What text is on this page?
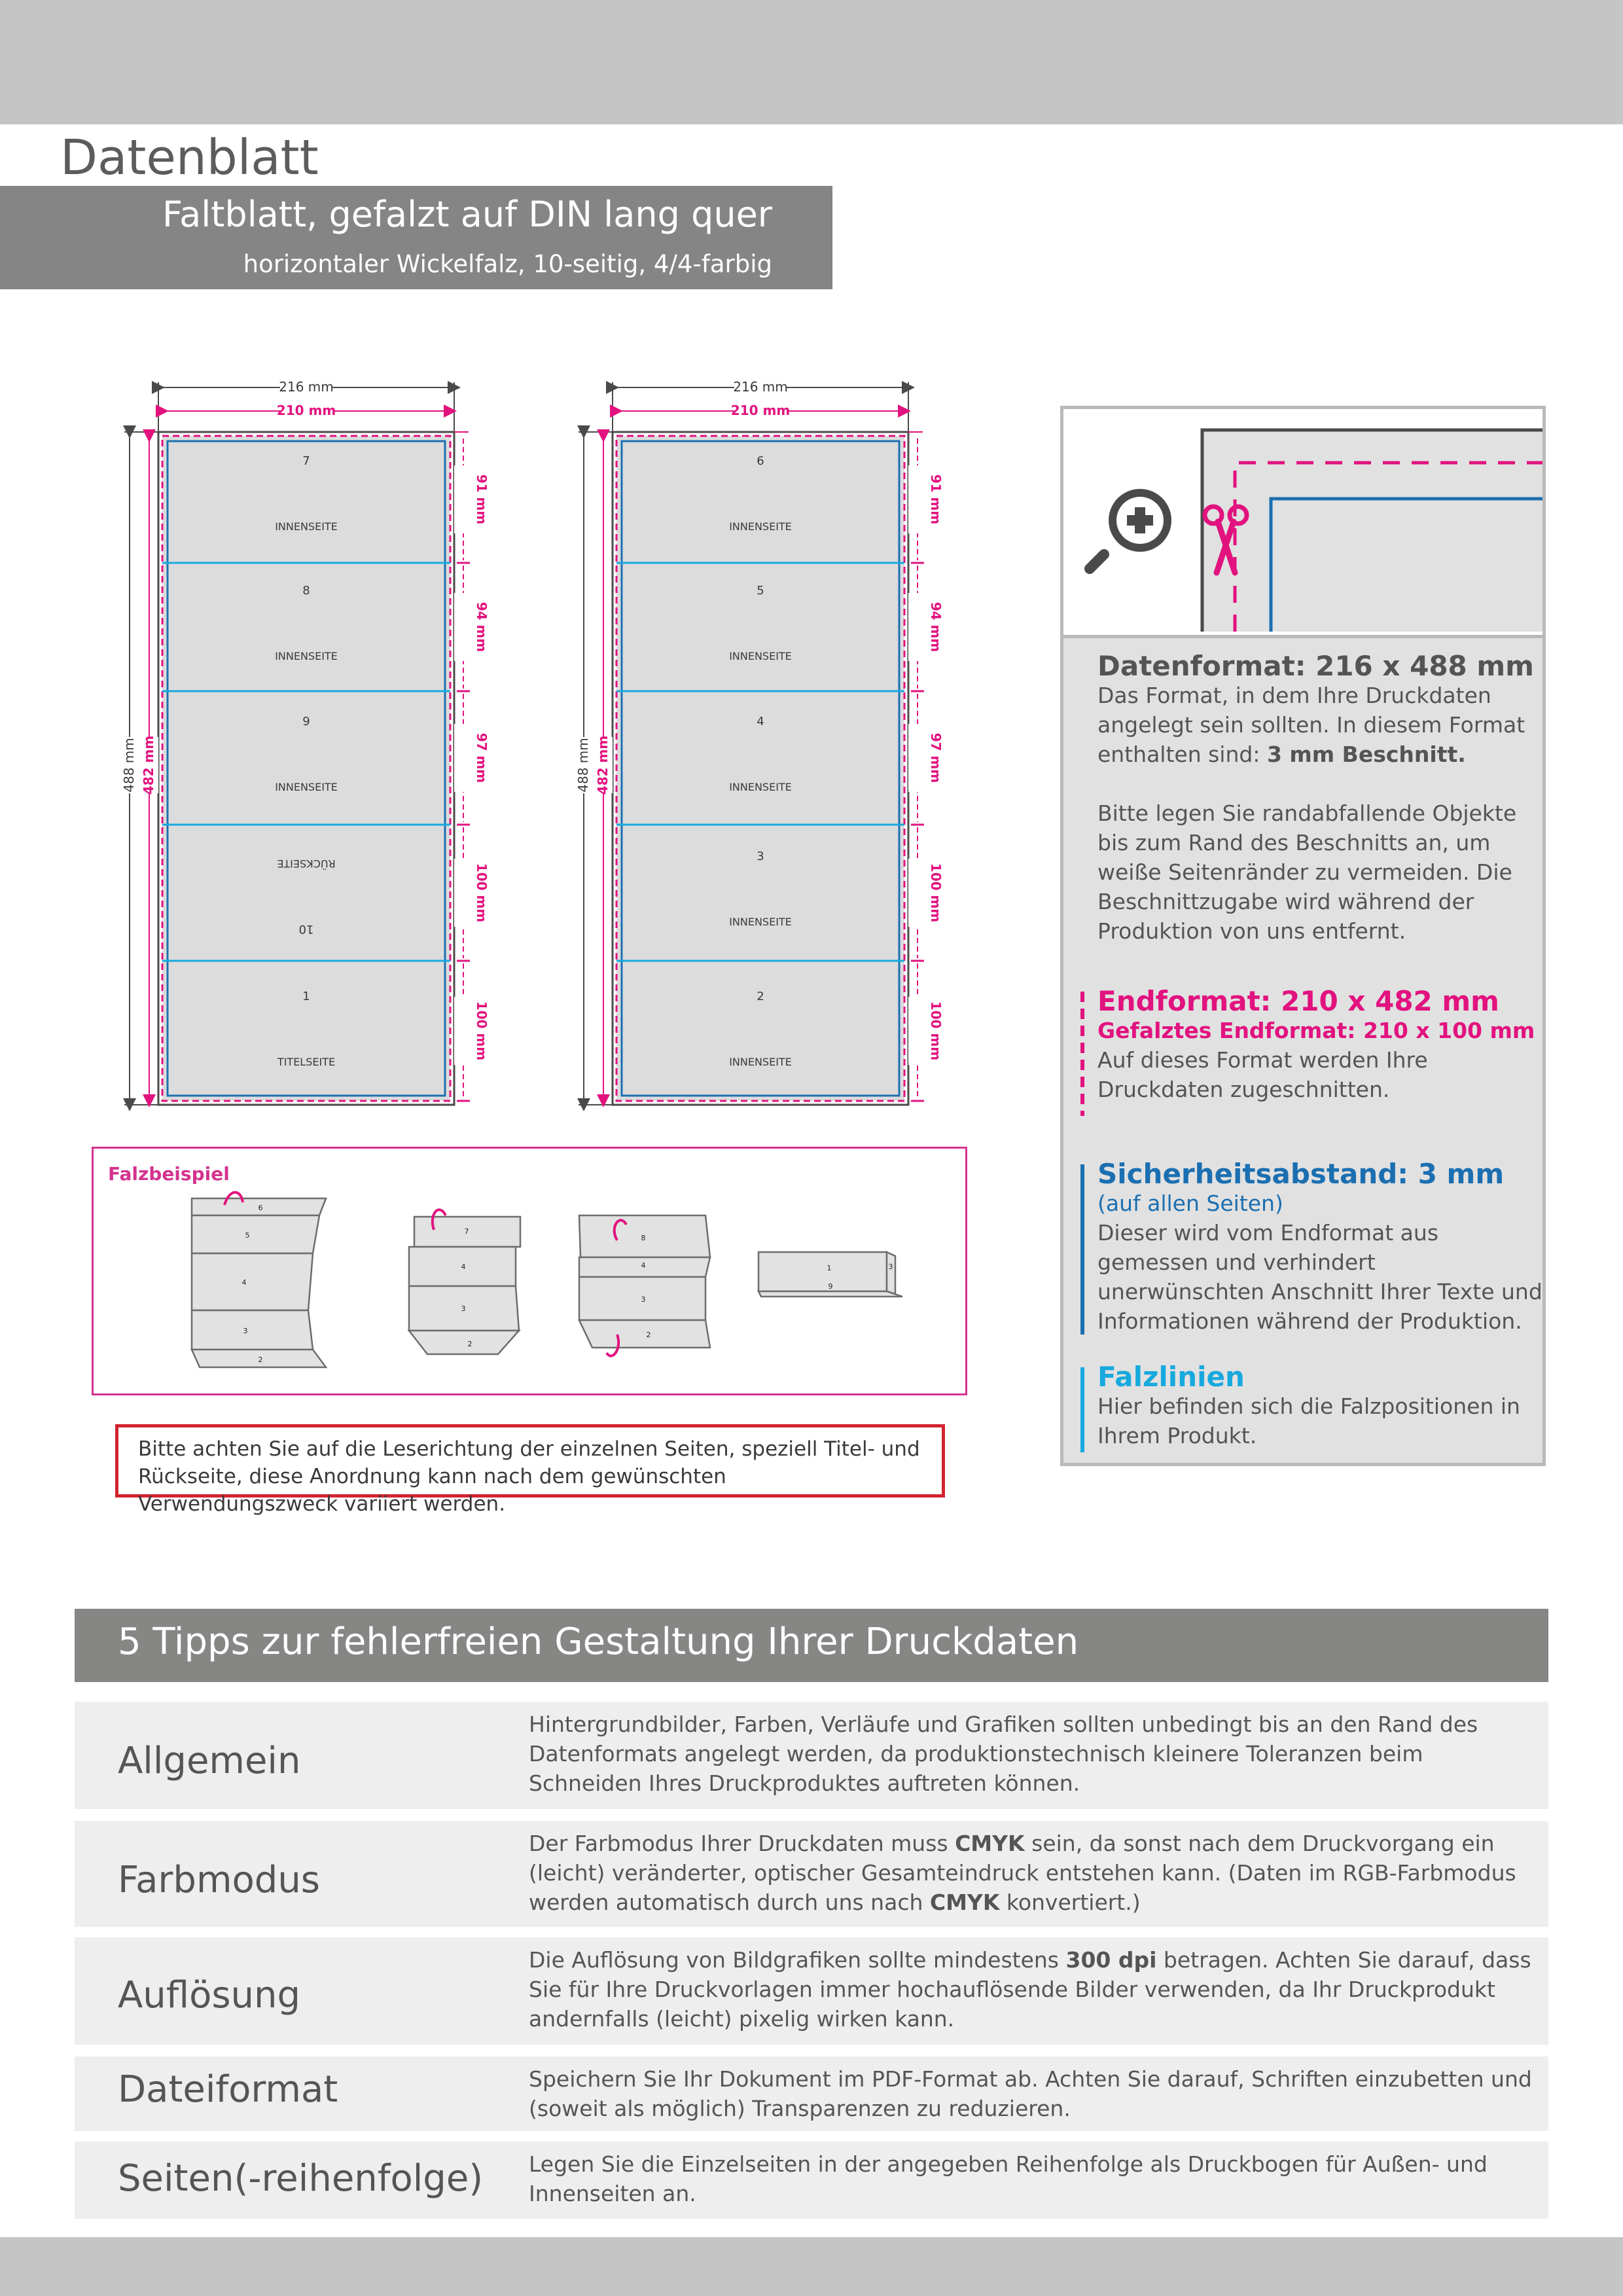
Datenblatt
Faltblatt, gefalzt auf DIN lang quer
horizontaler Wickelfalz, 10-seitig, 4/4-farbig
7
INNENSEITE
8
INNENSEITE
9
INNENSEITE
10
RÜCKSEITE
1
TITELSEITE
216 mm
210 mm
488 mm 482 mm
91 mm
94 mm
97 mm
100 mm
100 mm
6
INNENSEITE
5
INNENSEITE
4
INNENSEITE
3
INNENSEITE
2
INNENSEITE
216 mm
210 mm
488 mm 482 mm
91 mm
94 mm
97 mm
100 mm
100 mm
Datenformat: 216 x 488 mm
Das Format, in dem Ihre Druckdaten angelegt sein sollten. In diesem Format enthalten sind: 3 mm Beschnitt.
Bitte legen Sie randabfallende Objekte bis zum Rand des Beschnitts an, um weiße Seitenränder zu vermeiden. Die Beschnittzugabe wird während der Produktion von uns entfernt.
Endformat: 210 x 482 mm
Gefalztes Endformat: 210 x 100 mm
Auf dieses Format werden Ihre Druckdaten zugeschnitten.
Sicherheitsabstand: 3 mm
(auf allen Seiten)
Dieser wird vom Endformat aus gemessen und verhindert unerwünschten Anschnitt Ihrer Texte und Informationen während der Produktion.
Falzlinien
Hier befinden sich die Falzpositionen in Ihrem Produkt.
Falzbeispiel
6
5
4
3
2
7
4
3
2
8
4
3
2
1
9
3
Bitte achten Sie auf die Leserichtung der einzelnen Seiten, speziell Titel- und Rückseite, diese Anordnung kann nach dem gewünschten Verwendungszweck variiert werden.
5 Tipps zur fehlerfreien Gestaltung Ihrer Druckdaten
Allgemein
Hintergrundbilder, Farben, Verläufe und Grafiken sollten unbedingt bis an den Rand des Datenformats angelegt werden, da produktionstechnisch kleinere Toleranzen beim Schneiden Ihres Druckproduktes auftreten können.
Farbmodus
Der Farbmodus Ihrer Druckdaten muss CMYK sein, da sonst nach dem Druckvorgang ein (leicht) veränderter, optischer Gesamteindruck entstehen kann. (Daten im RGB-Farbmodus werden automatisch durch uns nach CMYK konvertiert.)
Auflösung
Die Auflösung von Bildgrafiken sollte mindestens 300 dpi betragen. Achten Sie darauf, dass Sie für Ihre Druckvorlagen immer hochauflösende Bilder verwenden, da Ihr Druckprodukt andernfalls (leicht) pixelig wirken kann.
Dateiformat	Speichern Sie Ihr Dokument im PDF-Format ab. Achten Sie darauf, Schriften einzubetten und (soweit als möglich) Transparenzen zu reduzieren.
Seiten(-reihenfolge) Legen Sie die Einzelseiten in der angegeben Reihenfolge als Druckbogen für Außen- und Innenseiten an.
